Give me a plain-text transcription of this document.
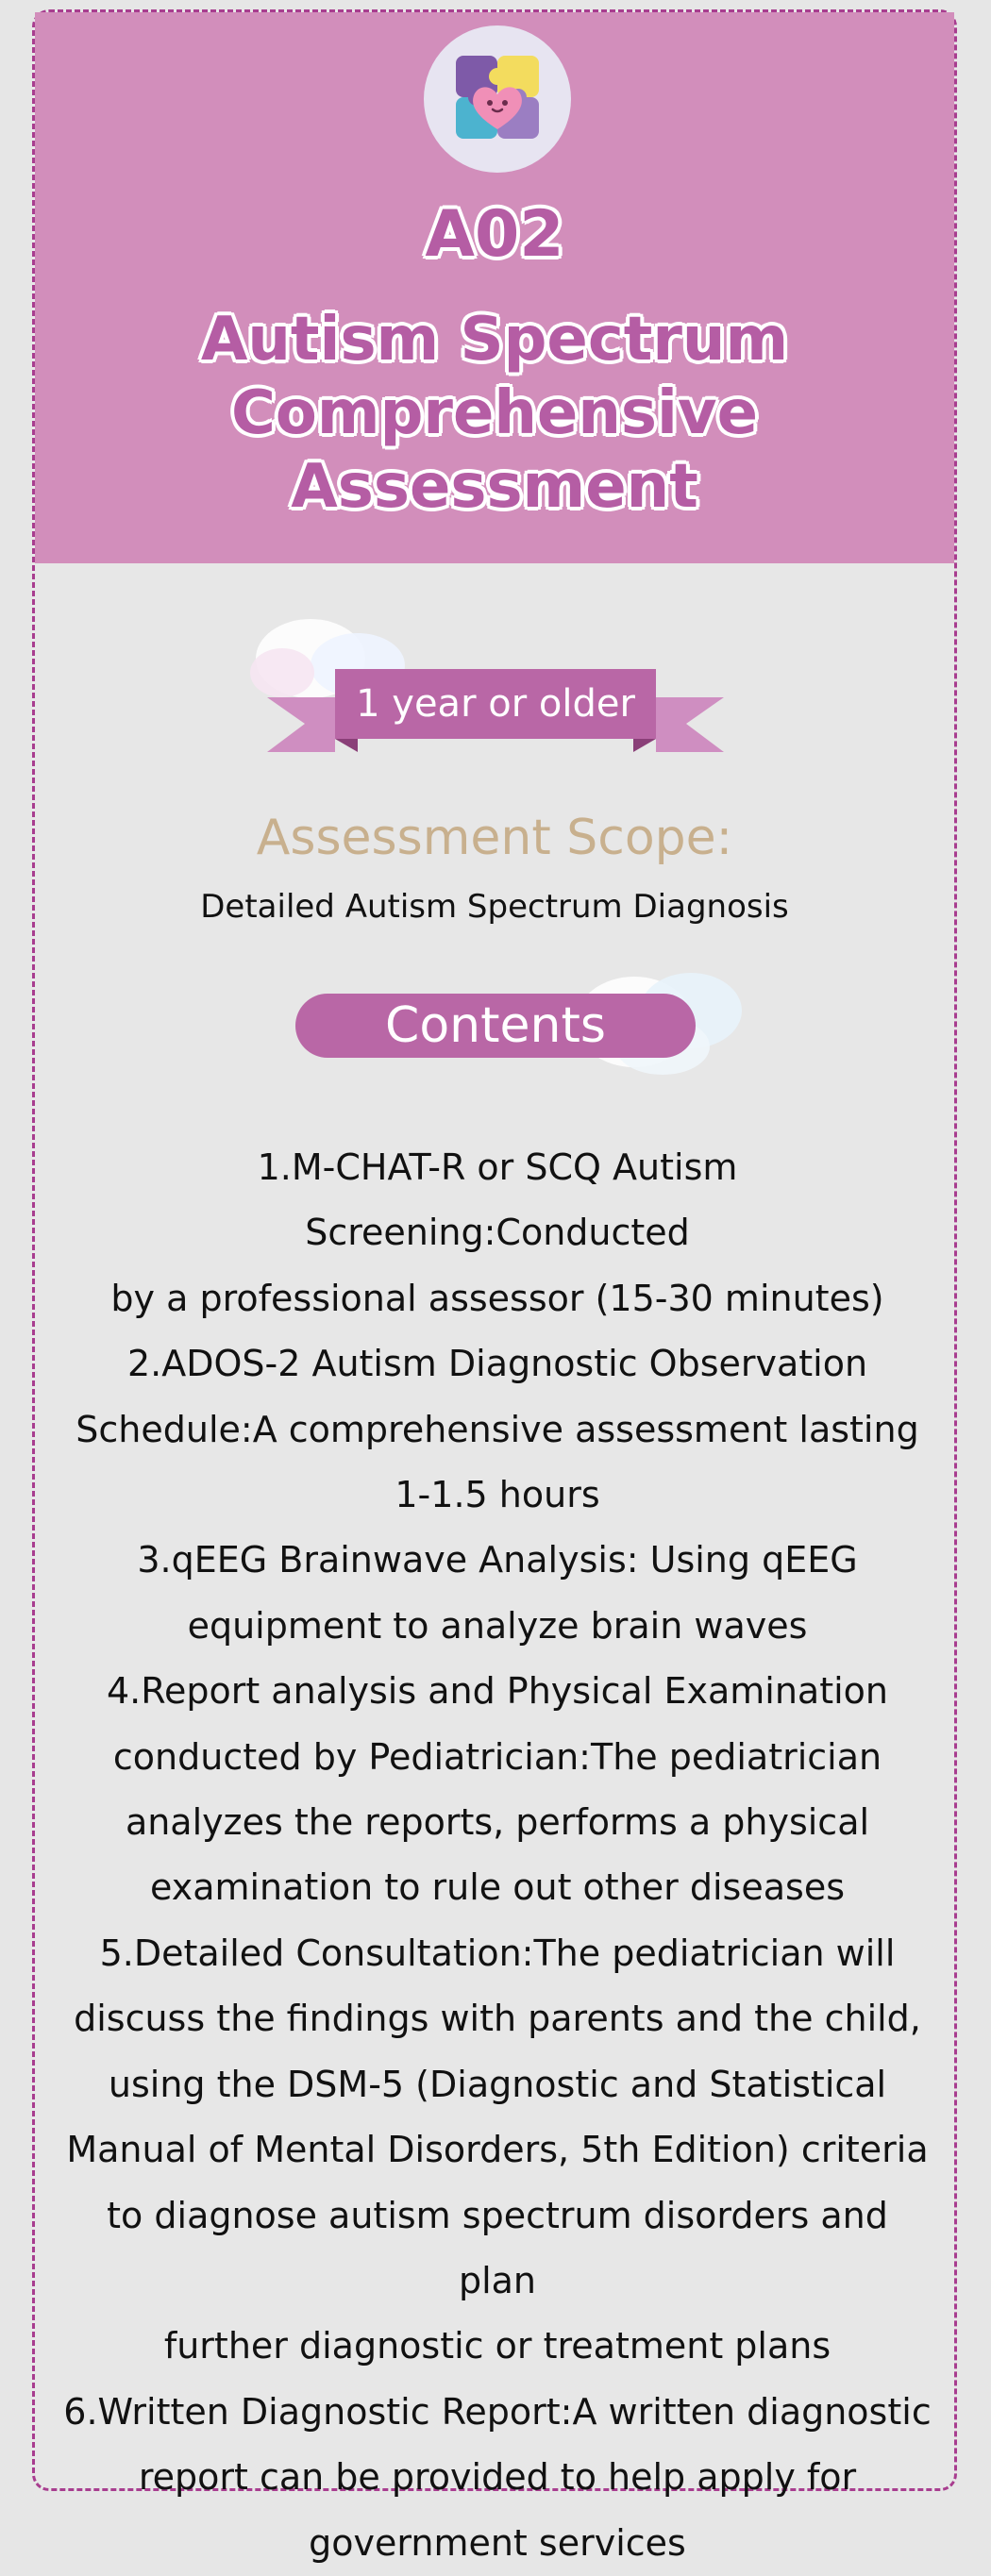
A02
Autism Spectrum
Comprehensive
Assessment
1 year or older
Assessment Scope:
Detailed Autism Spectrum Diagnosis
Contents
1.M-CHAT-R or SCQ Autism Screening:Conducted
by a professional assessor (15-30 minutes)
2.ADOS-2 Autism Diagnostic Observation
Schedule:A comprehensive assessment lasting
1-1.5 hours
3.qEEG Brainwave Analysis: Using qEEG
equipment to analyze brain waves
4.Report analysis and Physical Examination
conducted by Pediatrician:The pediatrician
analyzes the reports, performs a physical
examination to rule out other diseases
5.Detailed Consultation:The pediatrician will
discuss the findings with parents and the child,
using the DSM-5 (Diagnostic and Statistical
Manual of Mental Disorders, 5th Edition) criteria
to diagnose autism spectrum disorders and plan
further diagnostic or treatment plans
6.Written Diagnostic Report:A written diagnostic
report can be provided to help apply for
government services
